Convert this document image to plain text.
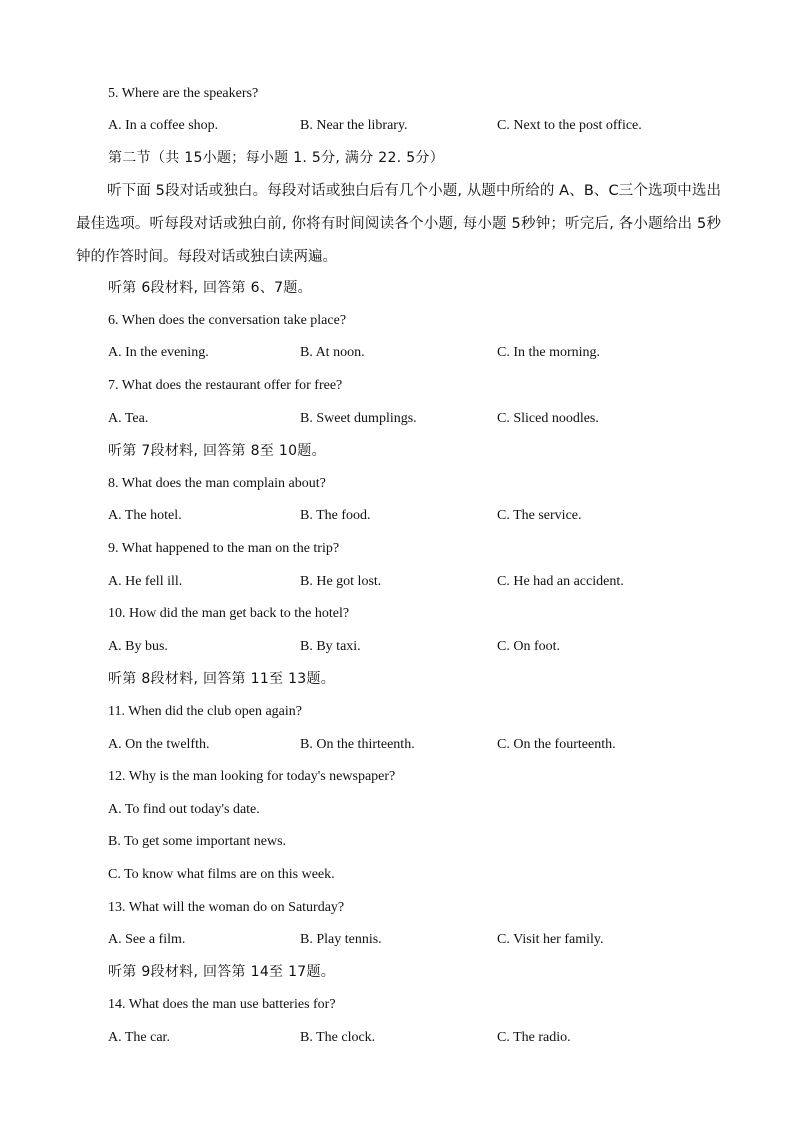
5. Where are the speakers?
A. In a coffee shop.	B. Near the library.	C. Next to the post office.
第二节（共 15小题；每小题 1. 5分, 满分 22. 5分）
听下面 5段对话或独白。每段对话或独白后有几个小题, 从题中所给的 A、B、C三个选项中选出最佳选项。听每段对话或独白前, 你将有时间阅读各个小题, 每小题 5秒钟；听完后, 各小题给出 5秒钟的作答时间。每段对话或独白读两遍。
听第 6段材料, 回答第 6、7题。
6. When does the conversation take place?
A. In the evening.	B. At noon.	C. In the morning.
7. What does the restaurant offer for free?
A. Tea.	B. Sweet dumplings.	C. Sliced noodles.
听第 7段材料, 回答第 8至 10题。
8. What does the man complain about?
A. The hotel.	B. The food.	C. The service.
9. What happened to the man on the trip?
A. He fell ill.	B. He got lost.	C. He had an accident.
10. How did the man get back to the hotel?
A. By bus.	B. By taxi.	C. On foot.
听第 8段材料, 回答第 11至 13题。
11. When did the club open again?
A. On the twelfth.	B. On the thirteenth.	C. On the fourteenth.
12. Why is the man looking for today's newspaper?
A. To find out today's date.
B. To get some important news.
C. To know what films are on this week.
13. What will the woman do on Saturday?
A. See a film.	B. Play tennis.	C. Visit her family.
听第 9段材料, 回答第 14至 17题。
14. What does the man use batteries for?
A. The car.	B. The clock.	C. The radio.
